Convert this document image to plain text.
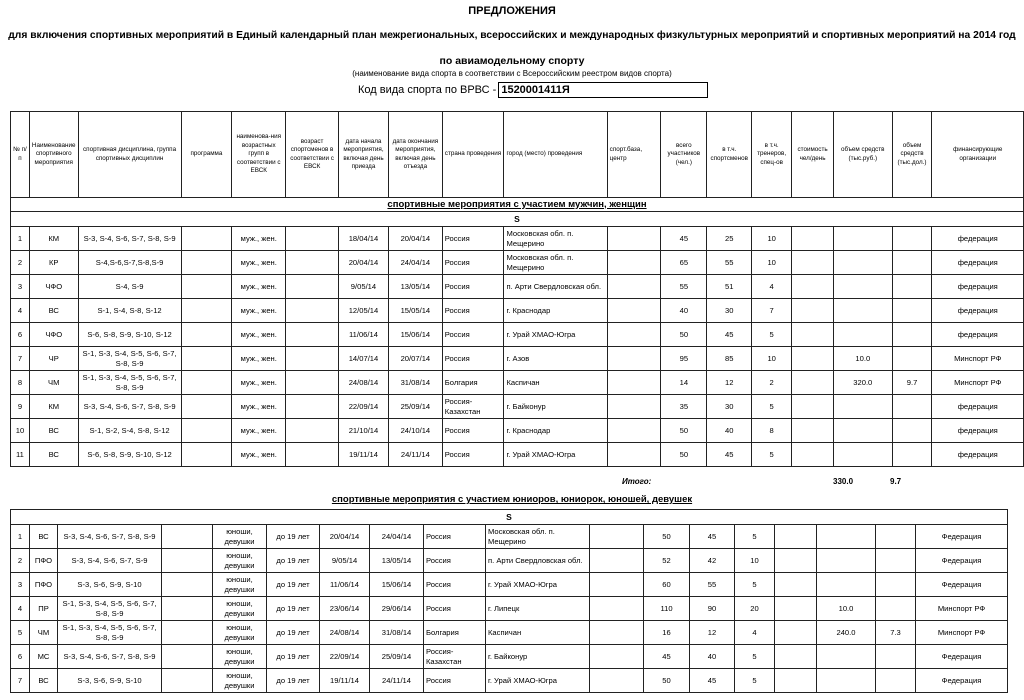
ПРЕДЛОЖЕНИЯ
для включения спортивных мероприятий в Единый календарный план межрегиональных, всероссийских и международных физкультурных мероприятий и спортивных мероприятий на 2014 год
по авиамодельному спорту
(наименование вида спорта в соответствии с Всероссийским реестром видов спорта)
Код вида спорта по ВРВС - 1520001411Я
№ п/п	Наименование спортивного мероприятия	спортивная дисциплина, группа спортивных дисциплин	программа	наименова-ния возрастных групп в соответствии с ЕВСК	возраст спортсменов в соответствии с ЕВСК	дата начала мероприятия, включая день приезда	дата окончания мероприятия, включая день отъезда	страна проведения	город (место) проведения	спорт.база, центр	всего участников (чел.)	в т.ч. спортсменов	в т.ч. тренеров, спец-ов	стоимость чел/день	объем средств (тыс.руб.)	объем средств (тыс.дол.)	финансирующие организации
спортивные мероприятия с участием мужчин, женщин																	
S																	
1	КМ	S-3, S-4, S-6, S-7, S-8, S-9		муж., жен.		18/04/14	20/04/14	Россия	Московская обл. п. Мещерино		45	25	10				федерация
2	КР	S-4,S-6,S-7,S-8,S-9		муж., жен.		20/04/14	24/04/14	Россия	Московская обл. п. Мещерино		65	55	10				федерация
3	ЧФО	S-4, S-9		муж., жен.		9/05/14	13/05/14	Россия	п. Арти Свердловская обл.		55	51	4				федерация
4	ВС	S-1, S-4, S-8, S-12		муж., жен.		12/05/14	15/05/14	Россия	г. Краснодар		40	30	7				федерация
6	ЧФО	S-6, S-8, S-9, S-10, S-12		муж., жен.		11/06/14	15/06/14	Россия	г. Урай ХМАО-Югра		50	45	5				федерация
7	ЧР	S-1, S-3, S-4, S-5, S-6, S-7, S-8, S-9		муж., жен.		14/07/14	20/07/14	Россия	г. Азов		95	85	10		10.0		Минспорт РФ
8	ЧМ	S-1, S-3, S-4, S-5, S-6, S-7, S-8, S-9		муж., жен.		24/08/14	31/08/14	Болгария	Каспичан		14	12	2		320.0	9.7	Минспорт РФ
9	КМ	S-3, S-4, S-6, S-7, S-8, S-9		муж., жен.		22/09/14	25/09/14	Россия-Казахстан	г. Байконур		35	30	5				федерация
10	ВС	S-1, S-2, S-4, S-8, S-12		муж., жен.		21/10/14	24/10/14	Россия	г. Краснодар		50	40	8				федерация
11	ВС	S-6, S-8, S-9, S-10, S-12		муж., жен.		19/11/14	24/11/14	Россия	г. Урай ХМАО-Югра		50	45	5				федерация
Итого:	330.0	9.7
спортивные мероприятия с участием юниоров, юниорок, юношей, девушек
S																	
1	ВС	S-3, S-4, S-6, S-7, S-8, S-9		юноши, девушки	до 19 лет	20/04/14	24/04/14	Россия	Московская обл. п. Мещерино		50	45	5				Федерация
2	ПФО	S-3, S-4, S-6, S-7, S-9		юноши, девушки	до 19 лет	9/05/14	13/05/14	Россия	п. Арти Свердловская обл.		52	42	10				Федерация
3	ПФО	S-3, S-6, S-9, S-10		юноши, девушки	до 19 лет	11/06/14	15/06/14	Россия	г. Урай ХМАО-Югра		60	55	5				Федерация
4	ПР	S-1, S-3, S-4, S-5, S-6, S-7, S-8, S-9		юноши, девушки	до 19 лет	23/06/14	29/06/14	Россия	г. Липецк		110	90	20		10.0		Минспорт РФ
5	ЧМ	S-1, S-3, S-4, S-5, S-6, S-7, S-8, S-9		юноши, девушки	до 19 лет	24/08/14	31/08/14	Болгария	Каспичан		16	12	4		240.0	7.3	Минспорт РФ
6	МС	S-3, S-4, S-6, S-7, S-8, S-9		юноши, девушки	до 19 лет	22/09/14	25/09/14	Россия-Казахстан	г. Байконур		45	40	5				Федерация
7	ВС	S-3, S-6, S-9, S-10		юноши, девушки	до 19 лет	19/11/14	24/11/14	Россия	г. Урай ХМАО-Югра		50	45	5				Федерация
